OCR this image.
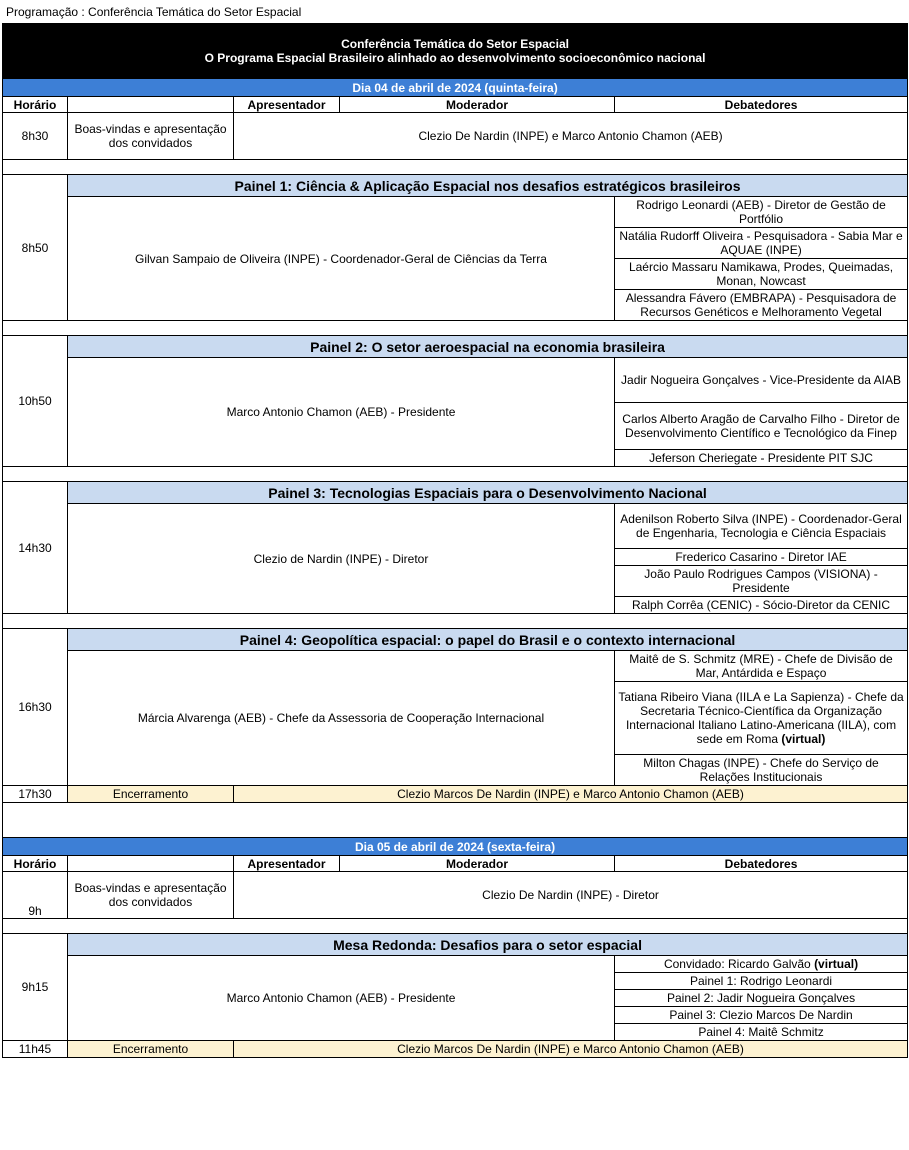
Programação : Conferência Temática do Setor Espacial
Conferência Temática do Setor Espacial
O Programa Espacial Brasileiro alinhado ao desenvolvimento socioeconômico nacional				

Dia 04 de abril de 2024 (quinta-feira)				
Horário		Apresentador	Moderador	Debatedores
8h30	Boas-vindas e apresentação dos convidados	Clezio De Nardin (INPE) e Marco Antonio Chamon (AEB)		

8h50	Painel 1: Ciência & Aplicação Espacial nos desafios estratégicos brasileiros			
	Gilvan Sampaio de Oliveira (INPE) - Coordenador-Geral de Ciências da Terra			Rodrigo Leonardi (AEB) - Diretor de Gestão de Portfólio
				Natália Rudorff Oliveira - Pesquisadora - Sabia Mar e AQUAE (INPE)
				Laércio Massaru Namikawa, Prodes, Queimadas, Monan, Nowcast
				Alessandra Fávero (EMBRAPA) - Pesquisadora de Recursos Genéticos e Melhoramento Vegetal

10h50	Painel 2: O setor aeroespacial na economia brasileira			
	Marco Antonio Chamon (AEB) - Presidente			Jadir Nogueira Gonçalves - Vice-Presidente da AIAB
				Carlos Alberto Aragão de Carvalho Filho - Diretor de Desenvolvimento Científico e Tecnológico da Finep
				Jeferson Cheriegate - Presidente PIT SJC

14h30	Painel 3: Tecnologias Espaciais para o Desenvolvimento Nacional			
	Clezio de Nardin (INPE) - Diretor			Adenilson Roberto Silva (INPE) - Coordenador-Geral de Engenharia, Tecnologia e Ciência Espaciais
				Frederico Casarino - Diretor IAE
				João Paulo Rodrigues Campos (VISIONA) - Presidente
				Ralph Corrêa (CENIC) - Sócio-Diretor da CENIC

16h30	Painel 4: Geopolítica espacial: o papel do Brasil e o contexto internacional			
	Márcia Alvarenga (AEB) - Chefe da Assessoria de Cooperação Internacional			Maitê de S. Schmitz (MRE) - Chefe de Divisão de Mar, Antárdida e Espaço
				Tatiana Ribeiro Viana (IILA e La Sapienza) - Chefe da Secretaria Técnico-Científica da Organização Internacional Italiano Latino-Americana (IILA), com sede em Roma (virtual)
				Milton Chagas (INPE) - Chefe do Serviço de Relações Institucionais
17h30	Encerramento	Clezio Marcos De Nardin (INPE) e Marco Antonio Chamon (AEB)		

Dia 05 de abril de 2024 (sexta-feira)				
Horário		Apresentador	Moderador	Debatedores
9h	Boas-vindas e apresentação dos convidados	Clezio De Nardin (INPE) - Diretor		

9h15	Mesa Redonda: Desafios para o setor espacial			
	Marco Antonio Chamon (AEB) - Presidente			Convidado: Ricardo Galvão (virtual)
				Painel 1: Rodrigo Leonardi
				Painel 2: Jadir Nogueira Gonçalves
				Painel 3: Clezio Marcos De Nardin
				Painel 4: Maitê Schmitz
11h45	Encerramento	Clezio Marcos De Nardin (INPE) e Marco Antonio Chamon (AEB)		
